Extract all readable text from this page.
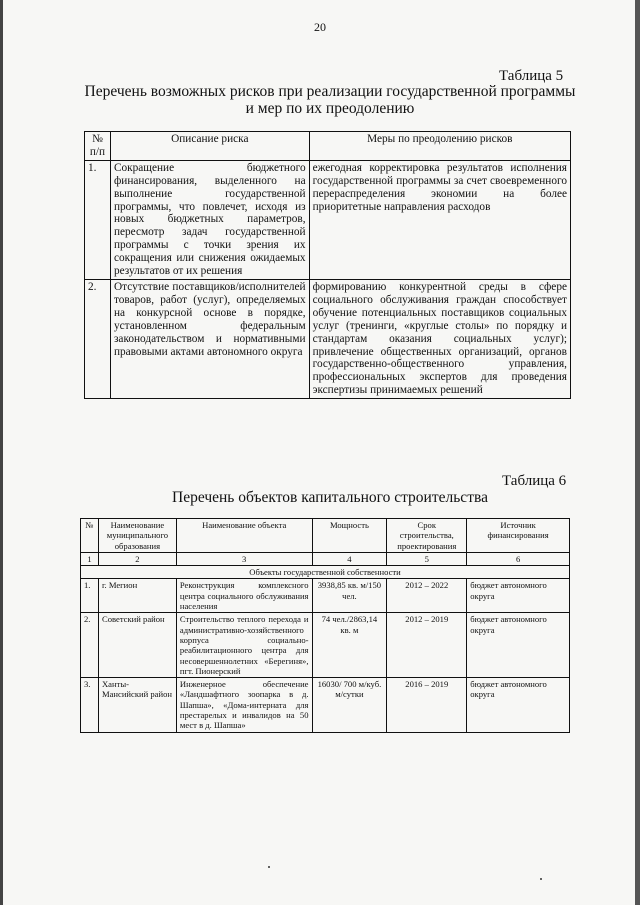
20
Таблица 5
Перечень возможных рисков при реализации государственной программы
и мер по их преодолению
№ п/п	Описание риска	Меры по преодолению рисков
1.	Сокращение бюджетного финансирования, выделенного на выполнение государственной программы, что повлечет, исходя из новых бюджетных параметров, пересмотр задач государственной программы с точки зрения их сокращения или снижения ожидаемых результатов от их решения	ежегодная корректировка результатов исполнения государственной программы за счет своевременного перераспределения экономии на более приоритетные направления расходов
2.	Отсутствие поставщиков/исполнителей товаров, работ (услуг), определяемых на конкурсной основе в порядке, установленном федеральным законодательством и нормативными правовыми актами автономного округа	формированию конкурентной среды в сфере социального обслуживания граждан способствует обучение потенциальных поставщиков социальных услуг (тренинги, «круглые столы» по порядку и стандартам оказания социальных услуг); привлечение общественных организаций, органов государственно-общественного управления, профессиональных экспертов для проведения экспертизы принимаемых решений
Таблица 6
Перечень объектов капитального строительства
№	Наименование муниципального образования	Наименование объекта	Мощность	Срок строительства, проектирования	Источник финансирования
1	2	3	4	5	6
Объекты государственной собственности					
1.	г. Мегион	Реконструкция комплексного центра социального обслуживания населения	3938,85 кв. м/150 чел.	2012 – 2022	бюджет автономного округа
2.	Советский район	Строительство теплого перехода и административно-хозяйственного корпуса социально-реабилитационного центра для несовершеннолетних «Берегиня», пгт. Пионерский	74 чел./2863,14 кв. м	2012 – 2019	бюджет автономного округа
3.	Ханты-Мансийский район	Инженерное обеспечение «Ландшафтного зоопарка в д. Шапша», «Дома-интерната для престарелых и инвалидов на 50 мест в д. Шапша»	16030/ 700 м/куб. м/сутки	2016 – 2019	бюджет автономного округа
